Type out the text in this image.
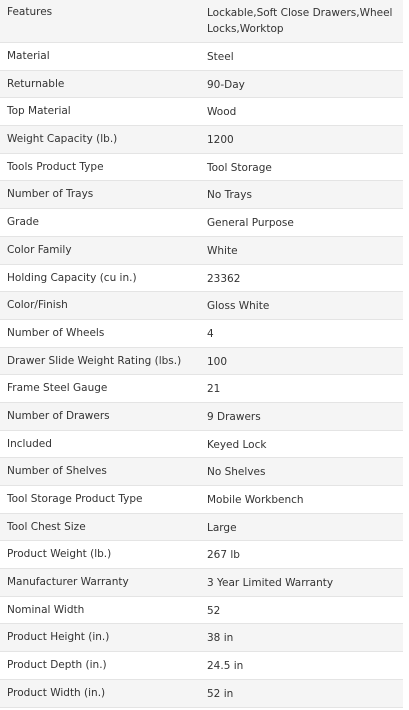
Features	Lockable,Soft Close Drawers,Wheel Locks,Worktop
Material	Steel
Returnable	90-Day
Top Material	Wood
Weight Capacity (lb.)	1200
Tools Product Type	Tool Storage
Number of Trays	No Trays
Grade	General Purpose
Color Family	White
Holding Capacity (cu in.)	23362
Color/Finish	Gloss White
Number of Wheels	4
Drawer Slide Weight Rating (lbs.)	100
Frame Steel Gauge	21
Number of Drawers	9 Drawers
Included	Keyed Lock
Number of Shelves	No Shelves
Tool Storage Product Type	Mobile Workbench
Tool Chest Size	Large
Product Weight (lb.)	267 lb
Manufacturer Warranty	3 Year Limited Warranty
Nominal Width	52
Product Height (in.)	38 in
Product Depth (in.)	24.5 in
Product Width (in.)	52 in
